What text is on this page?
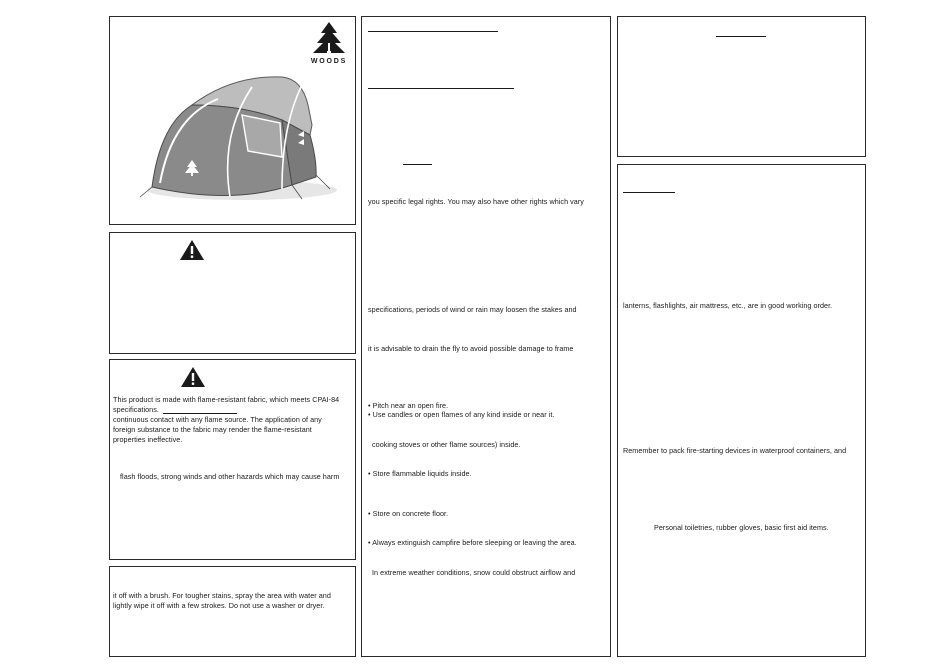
WOODS
This product is made with flame-resistant fabric, which meets CPAI-84
specifications.
continuous contact with any flame source. The application of any
foreign substance to the fabric may render the flame-resistant
properties ineffective.
flash floods, strong winds and other hazards which may cause harm
it off with a brush. For tougher stains, spray the area with water and
lightly wipe it off with a few strokes. Do not use a washer or dryer.
you specific legal rights. You may also have other rights which vary
specifications, periods of wind or rain may loosen the stakes and
it is advisable to drain the fly to avoid possible damage to frame
• Pitch near an open fire.
• Use candles or open flames of any kind inside or near it.
cooking stoves or other flame sources) inside.
• Store flammable liquids inside.
• Store on concrete floor.
• Always extinguish campfire before sleeping or leaving the area.
In extreme weather conditions, snow could obstruct airflow and
lanterns, flashlights, air mattress, etc., are in good working order.
Remember to pack fire-starting devices in waterproof containers, and
Personal toiletries, rubber gloves, basic first aid items.
